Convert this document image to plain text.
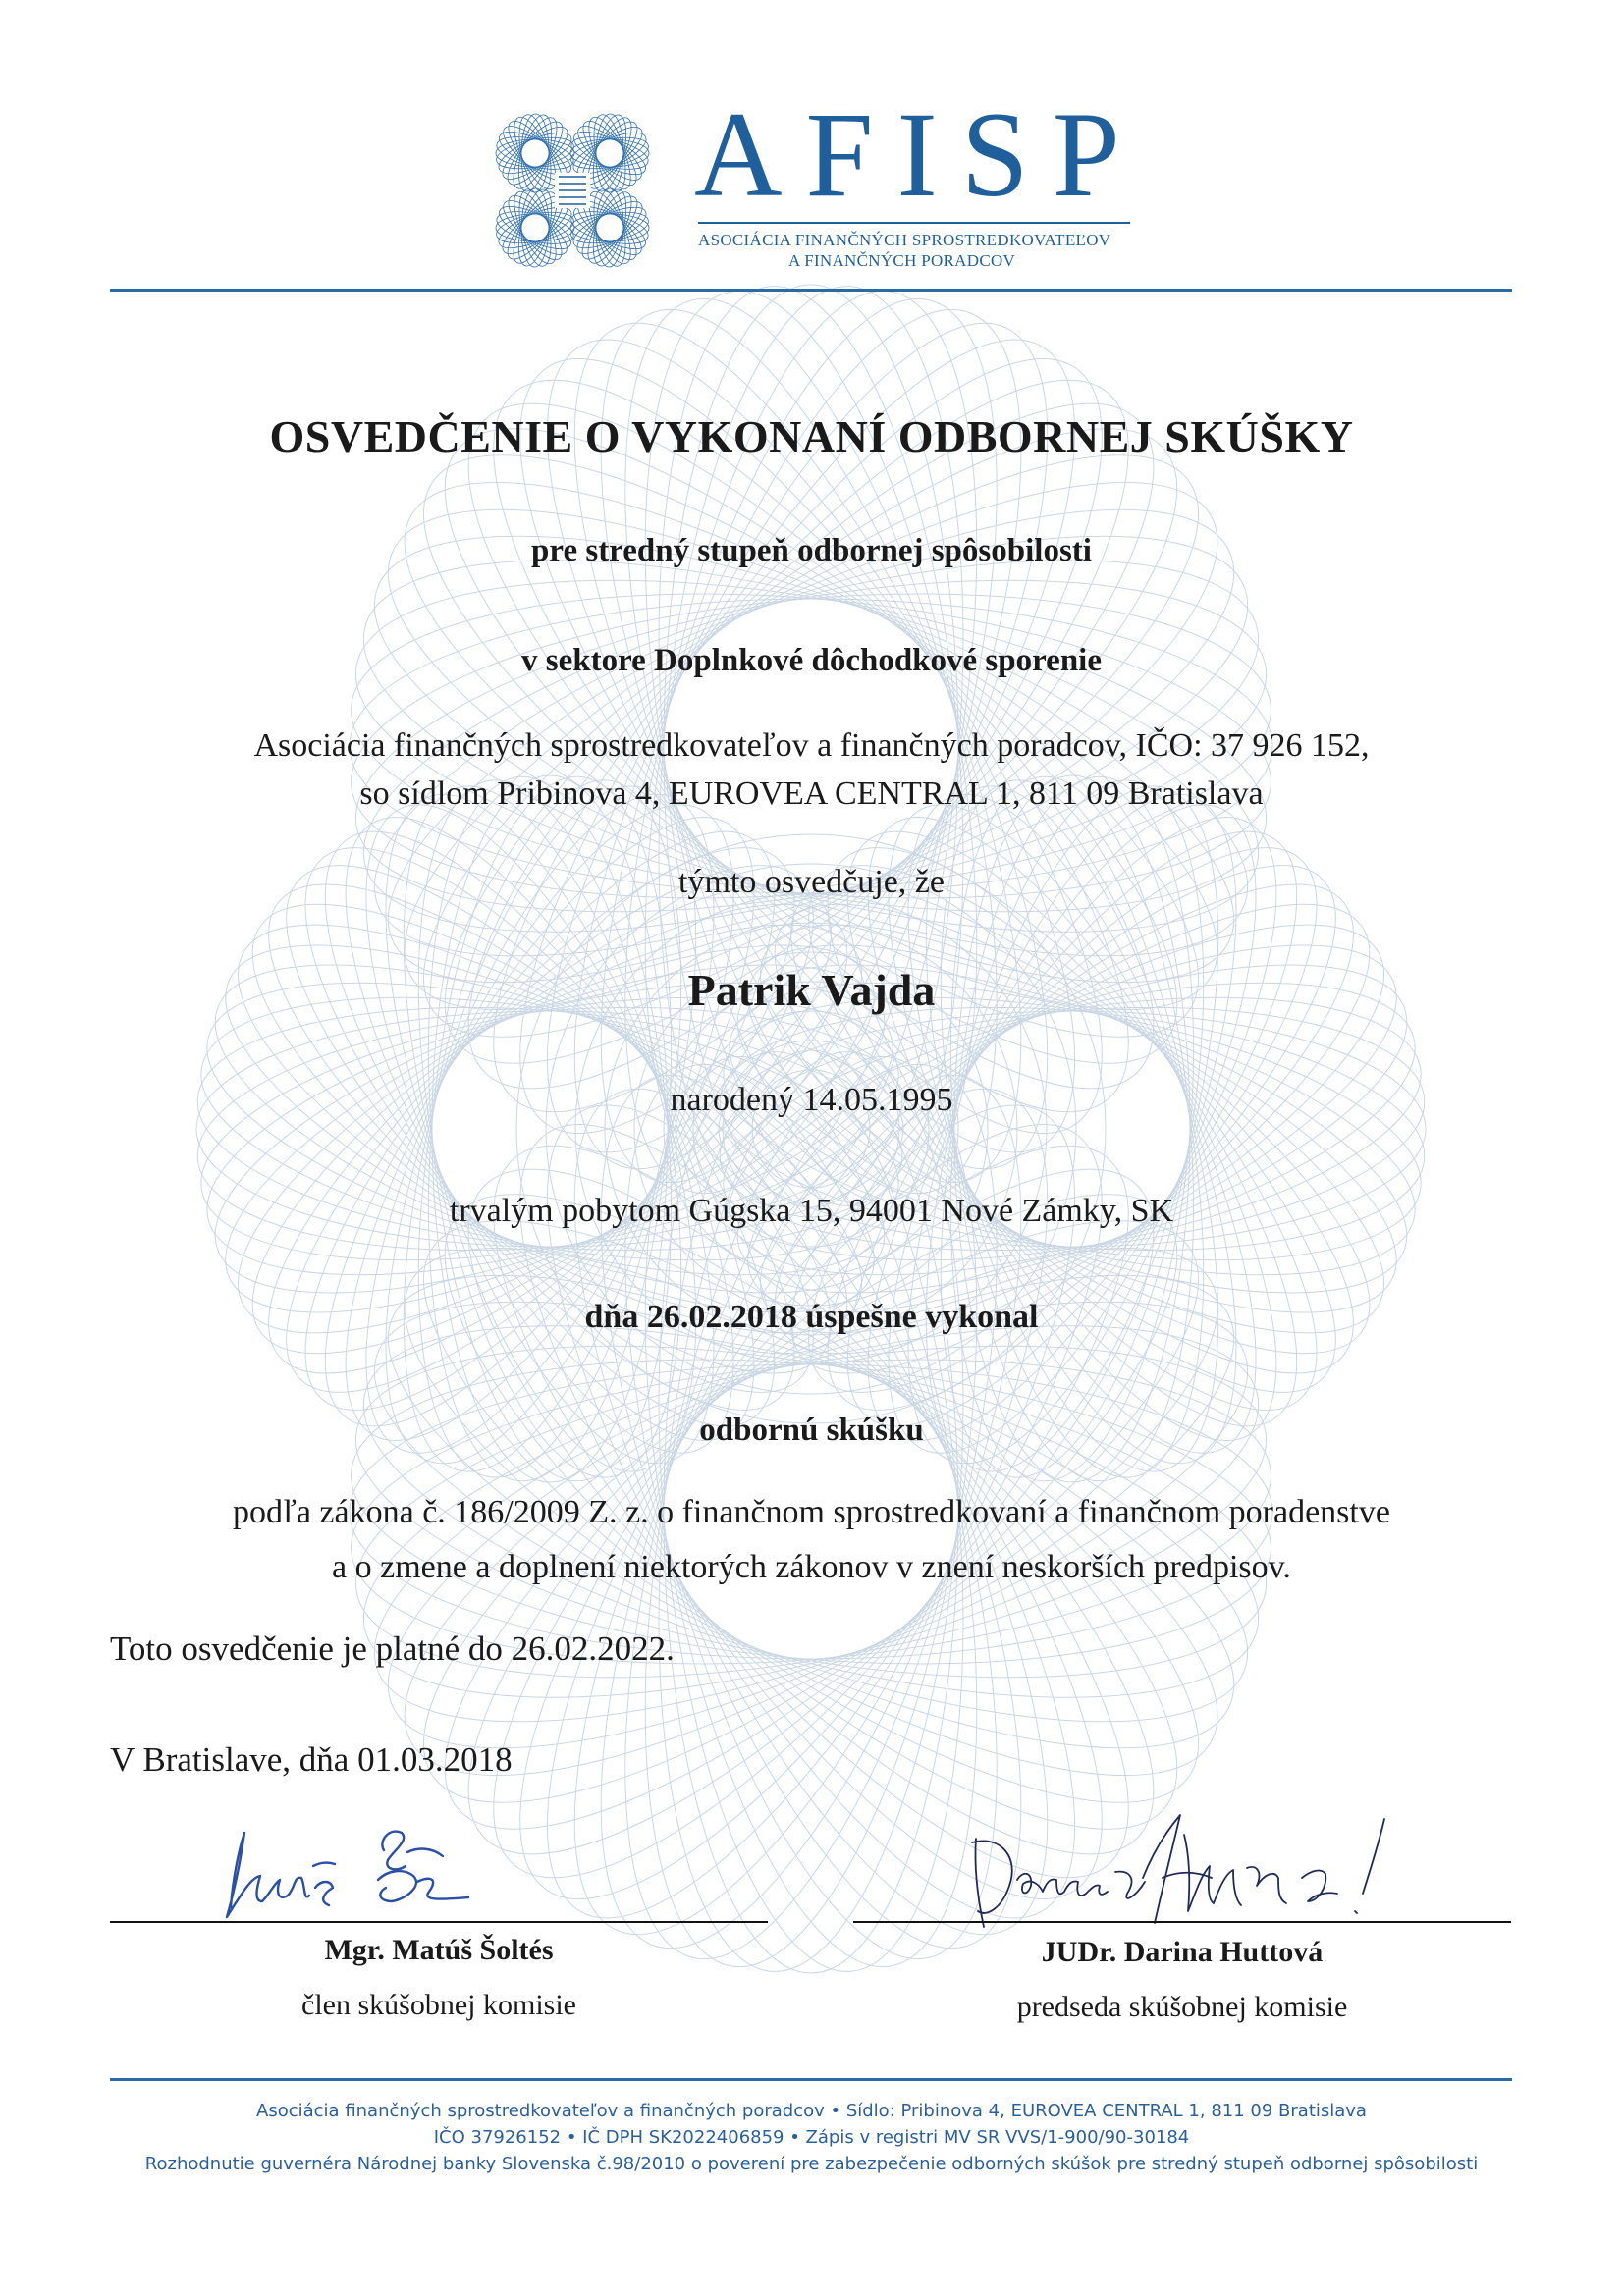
AFISP
ASOCIÁCIA FINANČNÝCH SPROSTREDKOVATEĽOV
A FINANČNÝCH PORADCOV
OSVEDČENIE O VYKONANÍ ODBORNEJ SKÚŠKY
pre stredný stupeň odbornej spôsobilosti
v sektore Doplnkové dôchodkové sporenie
Asociácia finančných sprostredkovateľov a finančných poradcov, IČO: 37 926 152,
so sídlom Pribinova 4, EUROVEA CENTRAL 1, 811 09 Bratislava
týmto osvedčuje, že
Patrik Vajda
narodený 14.05.1995
trvalým pobytom Gúgska 15, 94001 Nové Zámky, SK
dňa 26.02.2018 úspešne vykonal
odbornú skúšku
podľa zákona č. 186/2009 Z. z. o finančnom sprostredkovaní a finančnom poradenstve
a o zmene a doplnení niektorých zákonov v znení neskorších predpisov.
Toto osvedčenie je platné do 26.02.2022.
V Bratislave, dňa 01.03.2018
Mgr. Matúš Šoltés
člen skúšobnej komisie
JUDr. Darina Huttová
predseda skúšobnej komisie
Asociácia finančných sprostredkovateľov a finančných poradcov • Sídlo: Pribinova 4, EUROVEA CENTRAL 1, 811 09 Bratislava
IČO 37926152 • IČ DPH SK2022406859 • Zápis v registri MV SR VVS/1-900/90-30184
Rozhodnutie guvernéra Národnej banky Slovenska č.98/2010 o poverení pre zabezpečenie odborných skúšok pre stredný stupeň odbornej spôsobilosti
